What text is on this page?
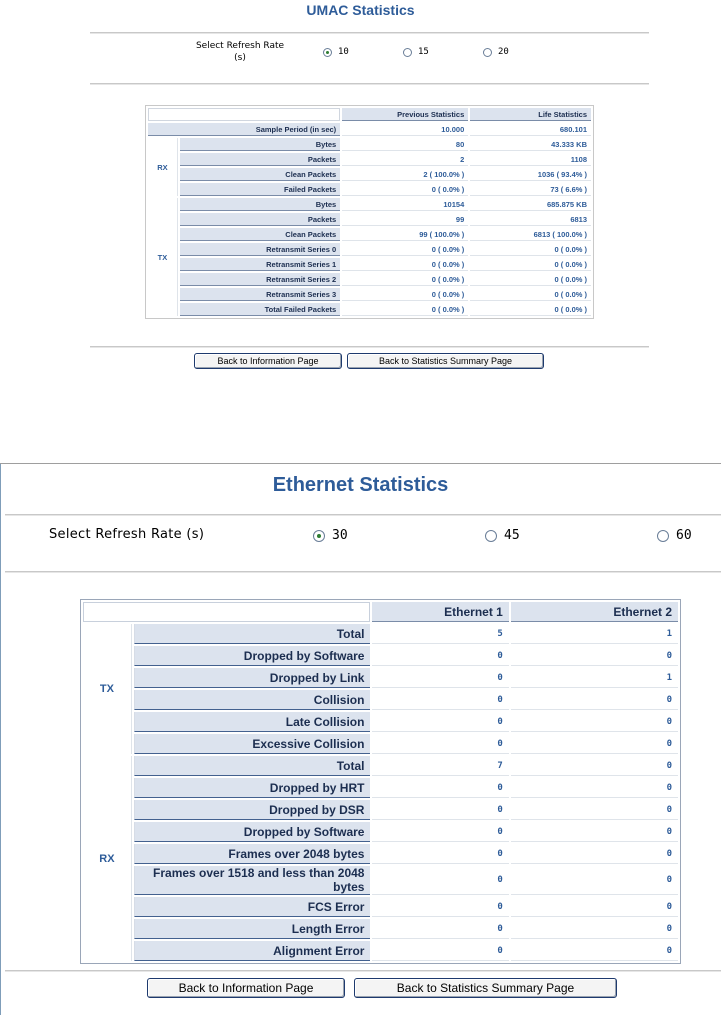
UMAC Statistics
Select Refresh Rate
(s)
10	15	20
		Previous Statistics	Life Statistics
Sample Period (in sec)		10.000	680.101
RX	Bytes	80	43.333 KB
	Packets	2	1108
	Clean Packets	2 ( 100.0% )	1036 ( 93.4% )
	Failed Packets	0 ( 0.0% )	73 ( 6.6% )
TX	Bytes	10154	685.875 KB
	Packets	99	6813
	Clean Packets	99 ( 100.0% )	6813 ( 100.0% )
	Retransmit Series 0	0 ( 0.0% )	0 ( 0.0% )
	Retransmit Series 1	0 ( 0.0% )	0 ( 0.0% )
	Retransmit Series 2	0 ( 0.0% )	0 ( 0.0% )
	Retransmit Series 3	0 ( 0.0% )	0 ( 0.0% )
	Total Failed Packets	0 ( 0.0% )	0 ( 0.0% )
Back to Information Page	Back to Statistics Summary Page
Ethernet Statistics
Select Refresh Rate (s)	30	45	60
		Ethernet 1	Ethernet 2
TX	Total	5	1
	Dropped by Software	0	0
	Dropped by Link	0	1
	Collision	0	0
	Late Collision	0	0
	Excessive Collision	0	0
RX	Total	7	0
	Dropped by HRT	0	0
	Dropped by DSR	0	0
	Dropped by Software	0	0
	Frames over 2048 bytes	0	0
	Frames over 1518 and less than 2048 bytes	0	0
	FCS Error	0	0
	Length Error	0	0
	Alignment Error	0	0
Back to Information Page	Back to Statistics Summary Page
